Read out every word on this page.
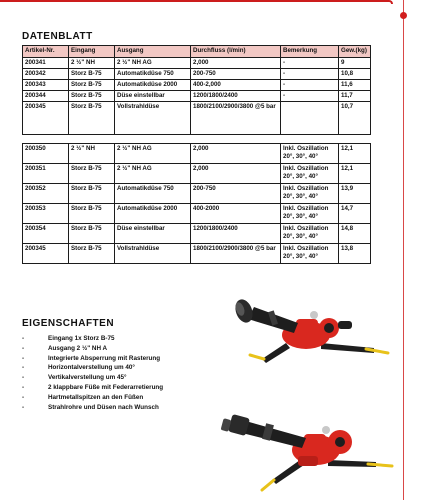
DATENBLATT
Artikel-Nr.	Eingang	Ausgang	Durchfluss (l/min)	Bemerkung	Gew.(kg)
200341	2 ½" NH	2 ½" NH AG	2,000	-	9
200342	Storz B-75	Automatikdüse 750	200-750	-	10,8
200343	Storz B-75	Automatikdüse 2000	400-2,000	-	11,6
200344	Storz B-75	Düse einstellbar	1200/1800/2400	-	11,7
200345	Storz B-75	Vollstrahldüse	1800/2100/2900/3800 @5 bar		10,7

200350	2 ½" NH	2 ½" NH AG	2,000	Inkl. Oszillation 20°, 30°, 40°	12,1
200351	Storz B-75	2 ½" NH AG	2,000	Inkl. Oszillation 20°, 30°, 40°	12,1
200352	Storz B-75	Automatikdüse 750	200-750	Inkl. Oszillation 20°, 30°, 40°	13,9
200353	Storz B-75	Automatikdüse 2000	400-2000	Inkl. Oszillation 20°, 30°, 40°	14,7
200354	Storz B-75	Düse einstellbar	1200/1800/2400	Inkl. Oszillation 20°, 30°, 40°	14,8
200345	Storz B-75	Vollstrahldüse	1800/2100/2900/3800 @5 bar	Inkl. Oszillation 20°, 30°, 40°	13,8
EIGENSCHAFTEN
-	Eingang 1x Storz B-75
-	Ausgang 2 ½" NH A
-	Integrierte Absperrung mit Rasterung
-	Horizontalverstellung um 40°
-	Vertikalverstellung um 45°
-	2 klappbare Füße mit Federarretierung
-	Hartmetallspitzen an den Füßen
-	Strahlrohre und Düsen nach Wunsch
